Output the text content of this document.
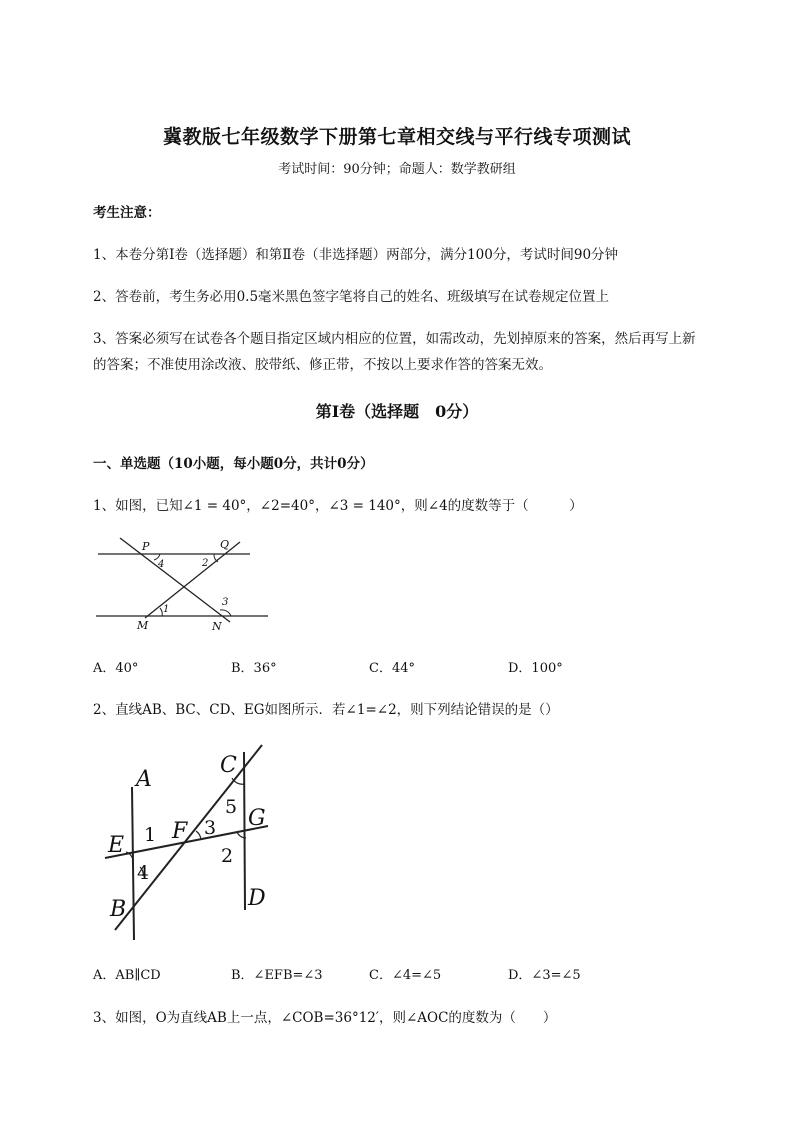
冀教版七年级数学下册第七章相交线与平行线专项测试
考试时间：90分钟；命题人：数学教研组
考生注意：
1、本卷分第I卷（选择题）和第Ⅱ卷（非选择题）两部分，满分100分，考试时间90分钟
2、答卷前，考生务必用0.5毫米黑色签字笔将自己的姓名、班级填写在试卷规定位置上
3、答案必须写在试卷各个题目指定区域内相应的位置，如需改动，先划掉原来的答案，然后再写上新
的答案；不准使用涂改液、胶带纸、修正带，不按以上要求作答的答案无效。
第I卷（选择题　0分）
一、单选题（10小题，每小题0分，共计0分）
1、如图，已知∠1 = 40°，∠2=40°，∠3 = 140°，则∠4的度数等于（　　　）
P	Q
4	2
3
1
M	N
A．40°	B．36°	C．44°	D．100°
2、直线AB、BC、CD、EG如图所示．若∠1=∠2，则下列结论错误的是（）
A
C
5 G
E 1 F 3
2
4
B	D
A．AB∥CD	B．∠EFB=∠3	C．∠4=∠5	D．∠3=∠5
3、如图，O为直线AB上一点，∠COB=36°12′，则∠AOC的度数为（　　）
